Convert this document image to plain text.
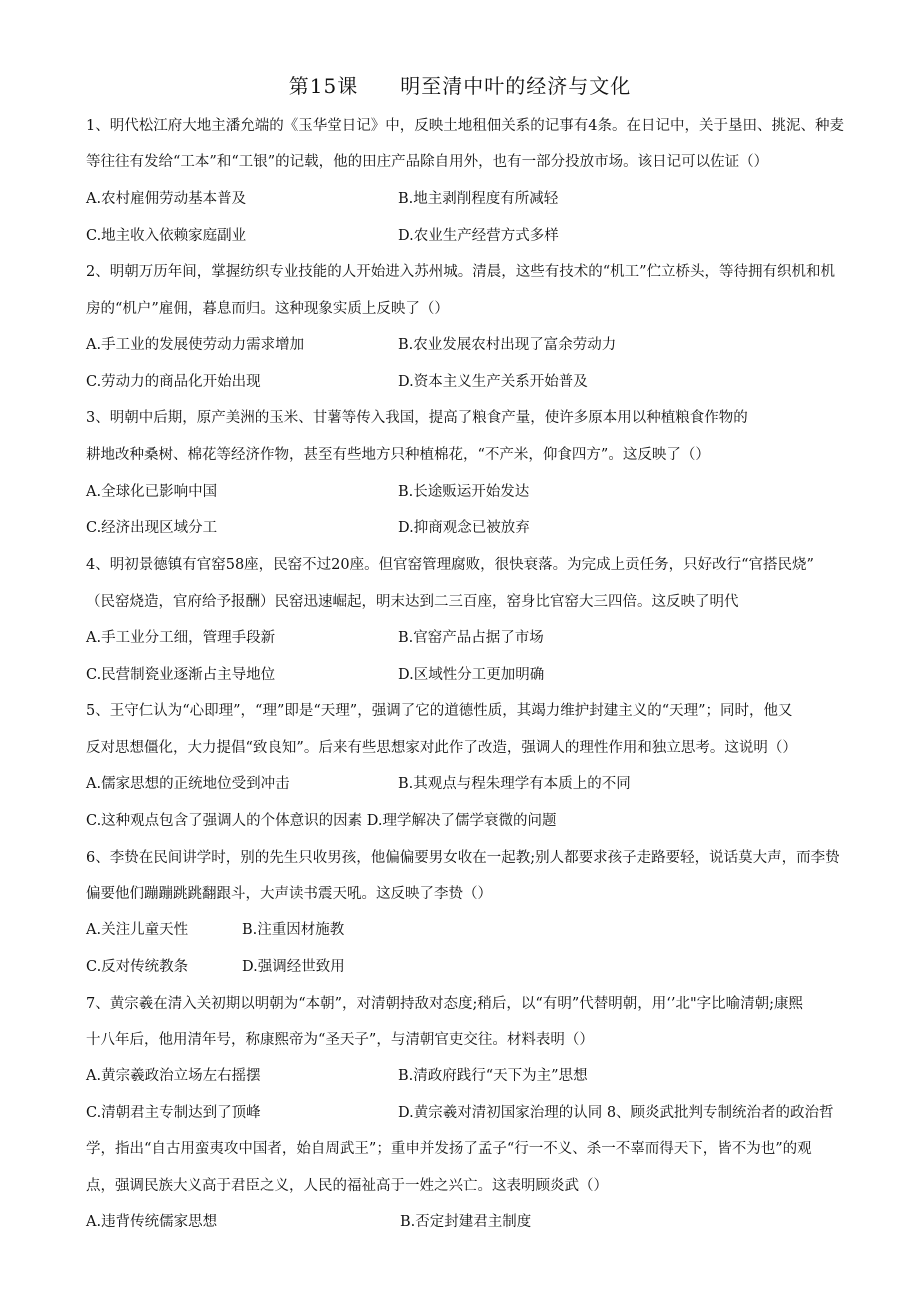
第15课　　明至清中叶的经济与文化
1、明代松江府大地主潘允端的《玉华堂日记》中，反映土地租佃关系的记事有4条。在日记中，关于垦田、挑泥、种麦
等往往有发给“工本”和“工银”的记载，他的田庄产品除自用外，也有一部分投放市场。该日记可以佐证（）
A.农村雇佣劳动基本普及	B.地主剥削程度有所减轻
C.地主收入依赖家庭副业	D.农业生产经营方式多样
2、明朝万历年间，掌握纺织专业技能的人开始进入苏州城。清晨，这些有技术的“机工”伫立桥头，等待拥有织机和机
房的“机户”雇佣，暮息而归。这种现象实质上反映了（）
A.手工业的发展使劳动力需求增加	B.农业发展农村出现了富余劳动力
C.劳动力的商品化开始出现	D.资本主义生产关系开始普及
3、明朝中后期，原产美洲的玉米、甘薯等传入我国，提高了粮食产量，使许多原本用以种植粮食作物的
耕地改种桑树、棉花等经济作物，甚至有些地方只种植棉花，“不产米，仰食四方”。这反映了（）
A.全球化已影响中国	B.长途贩运开始发达
C.经济出现区域分工	D.抑商观念已被放弃
4、明初景德镇有官窑58座，民窑不过20座。但官窑管理腐败，很快衰落。为完成上贡任务，只好改行“官搭民烧”
（民窑烧造，官府给予报酬）民窑迅速崛起，明末达到二三百座，窑身比官窑大三四倍。这反映了明代
A.手工业分工细，管理手段新	B.官窑产品占据了市场
C.民营制瓷业逐渐占主导地位	D.区域性分工更加明确
5、王守仁认为“心即理”，“理”即是“天理”，强调了它的道德性质，其竭力维护封建主义的“天理”；同时，他又
反对思想僵化，大力提倡“致良知”。后来有些思想家对此作了改造，强调人的理性作用和独立思考。这说明（）
A.儒家思想的正统地位受到冲击	B.其观点与程朱理学有本质上的不同
C.这种观点包含了强调人的个体意识的因素 D.理学解决了儒学衰微的问题
6、李贽在民间讲学时，别的先生只收男孩，他偏偏要男女收在一起教;别人都要求孩子走路要轻，说话莫大声，而李贽
偏要他们蹦蹦跳跳翻跟斗，大声读书震天吼。这反映了李贽（）
A.关注儿童天性	B.注重因材施教
C.反对传统教条	D.强调经世致用
7、黄宗羲在清入关初期以明朝为“本朝”，对清朝持敌对态度;稍后，以“有明”代替明朝，用‘’北"字比喻清朝;康熙
十八年后，他用清年号，称康熙帝为“圣天子”，与清朝官吏交往。材料表明（）
A.黄宗羲政治立场左右摇摆	B.清政府践行“天下为主”思想
C.清朝君主专制达到了顶峰	D.黄宗羲对清初国家治理的认同 8、顾炎武批判专制统治者的政治哲
学，指出“自古用蛮夷攻中国者，始自周武王”；重申并发扬了孟子“行一不义、杀一不辜而得天下，皆不为也”的观
点，强调民族大义高于君臣之义，人民的福祉高于一姓之兴亡。这表明顾炎武（）
A.违背传统儒家思想	B.否定封建君主制度
